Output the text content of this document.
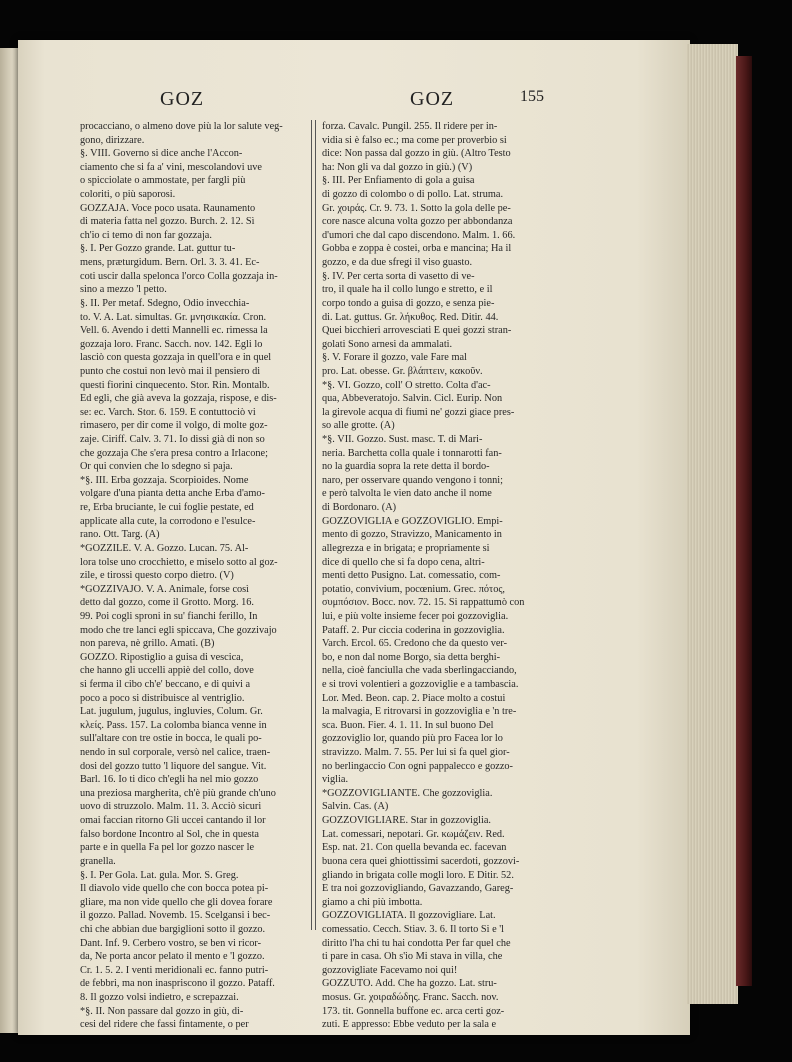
GOZ	GOZ	155
procacciano, o almeno dove più la lor salute veg-
gono, dirizzare.
§. VIII. Governo si dice anche l'Accon-
ciamento che si fa a' vini, mescolandovi uve
o spicciolate o ammostate, per fargli più
coloriti, o più saporosi.
GOZZAJA. Voce poco usata. Raunamento
di materia fatta nel gozzo. Burch. 2. 12. Sì
ch'io ci temo di non far gozzaja.
§. I. Per Gozzo grande. Lat. guttur tu-
mens, præturgidum. Bern. Orl. 3. 3. 41. Ec-
coti uscir dalla spelonca l'orco Colla gozzaja in-
sino a mezzo 'l petto.
§. II. Per metaf. Sdegno, Odio invecchia-
to. V. A. Lat. simultas. Gr. μνησικακία. Cron.
Vell. 6. Avendo i detti Mannelli ec. rimessa la
gozzaja loro. Franc. Sacch. nov. 142. Egli lo
lasciò con questa gozzaja in quell'ora e in quel
punto che costui non levò mai il pensiero di
questi fiorini cinquecento. Stor. Rin. Montalb.
Ed egli, che già aveva la gozzaja, rispose, e dis-
se: ec. Varch. Stor. 6. 159. E contuttociò vi
rimasero, per dir come il volgo, di molte goz-
zaje. Ciriff. Calv. 3. 71. Io dissi già di non so
che gozzaja Che s'era presa contro a Irlacone;
Or qui convien che lo sdegno si paja.
*§. III. Erba gozzaja. Scorpioides. Nome
volgare d'una pianta detta anche Erba d'amo-
re, Erba bruciante, le cui foglie pestate, ed
applicate alla cute, la corrodono e l'esulce-
rano. Ott. Targ. (A)
*GOZZILE. V. A. Gozzo. Lucan. 75. Al-
lora tolse uno crocchietto, e miselo sotto al goz-
zile, e tirossi questo corpo dietro. (V)
*GOZZIVAJO. V. A. Animale, forse così
detto dal gozzo, come il Grotto. Morg. 16.
99. Poi cogli sproni in su' fianchi ferillo, In
modo che tre lanci egli spiccava, Che gozzivajo
non pareva, nè grillo. Amati. (B)
GOZZO. Ripostiglio a guisa di vescica,
che hanno gli uccelli appiè del collo, dove
si ferma il cibo ch'e' beccano, e di quivi a
poco a poco si distribuisce al ventriglio.
Lat. jugulum, jugulus, ingluvies, Colum. Gr.
κλείς. Pass. 157. La colomba bianca venne in
sull'altare con tre ostie in bocca, le quali po-
nendo in sul corporale, versò nel calice, traen-
dosi del gozzo tutto 'l liquore del sangue. Vit.
Barl. 16. Io ti dico ch'egli ha nel mio gozzo
una preziosa margherita, ch'è più grande ch'uno
uovo di struzzolo. Malm. 11. 3. Acciò sicuri
omai faccian ritorno Gli uccei cantando il lor
falso bordone Incontro al Sol, che in questa
parte e in quella Fa pel lor gozzo nascer le
granella.
§. I. Per Gola. Lat. gula. Mor. S. Greg.
Il diavolo vide quello che con bocca potea pi-
gliare, ma non vide quello che gli dovea forare
il gozzo. Pallad. Novemb. 15. Scelgansi i bec-
chi che abbian due bargiglioni sotto il gozzo.
Dant. Inf. 9. Cerbero vostro, se ben vi ricor-
da, Ne porta ancor pelato il mento e 'l gozzo.
Cr. 1. 5. 2. I venti meridionali ec. fanno putri-
de febbri, ma non inaspriscono il gozzo. Pataff.
8. Il gozzo volsi indietro, e screpazzai.
*§. II. Non passare dal gozzo in giù, di-
cesi del ridere che fassi fintamente, o per
forza. Cavalc. Pungil. 255. Il ridere per in-
vidia si è falso ec.; ma come per proverbio si
dice: Non passa dal gozzo in giù. (Altro Testo
ha: Non gli va dal gozzo in giù.) (V)
§. III. Per Enfiamento di gola a guisa
di gozzo di colombo o di pollo. Lat. struma.
Gr. χοιράς. Cr. 9. 73. 1. Sotto la gola delle pe-
core nasce alcuna volta gozzo per abbondanza
d'umori che dal capo discendono. Malm. 1. 66.
Gobba e zoppa è costei, orba e mancina; Ha il
gozzo, e da due sfregi il viso guasto.
§. IV. Per certa sorta di vasetto di ve-
tro, il quale ha il collo lungo e stretto, e il
corpo tondo a guisa di gozzo, e senza pie-
di. Lat. guttus. Gr. λήκυθος. Red. Ditir. 44.
Quei bicchieri arrovesciati E quei gozzi stran-
golati Sono arnesi da ammalati.
§. V. Forare il gozzo, vale Fare mal
pro. Lat. obesse. Gr. βλάπτειν, κακοῦν.
*§. VI. Gozzo, coll' O stretto. Colta d'ac-
qua, Abbeveratojo. Salvin. Cicl. Eurip. Non
la girevole acqua di fiumi ne' gozzi giace pres-
so alle grotte. (A)
*§. VII. Gozzo. Sust. masc. T. di Mari-
neria. Barchetta colla quale i tonnarotti fan-
no la guardia sopra la rete detta il bordo-
naro, per osservare quando vengono i tonni;
e però talvolta le vien dato anche il nome
di Bordonaro. (A)
GOZZOVIGLIA e GOZZOVIGLIO. Empi-
mento di gozzo, Stravizzo, Manicamento in
allegrezza e in brigata; e propriamente si
dice di quello che si fa dopo cena, altri-
menti detto Pusigno. Lat. comessatio, com-
potatio, convivium, pocœnium. Grec. πότος,
συμπόσιον. Bocc. nov. 72. 15. Si rappattumò con
lui, e più volte insieme fecer poi gozzoviglia.
Pataff. 2. Pur ciccia coderina in gozzoviglia.
Varch. Ercol. 65. Credono che da questo ver-
bo, e non dal nome Borgo, sia detta berghi-
nella, cioè fanciulla che vada sberlingacciando,
e si trovi volentieri a gozzoviglie e a tambascia.
Lor. Med. Beon. cap. 2. Piace molto a costui
la malvagia, E ritrovarsi in gozzoviglia e 'n tre-
sca. Buon. Fier. 4. 1. 11. In sul buono Del
gozzoviglio lor, quando più pro Facea lor lo
stravizzo. Malm. 7. 55. Per lui si fa quel gior-
no berlingaccio Con ogni pappalecco e gozzo-
viglia.
*GOZZOVIGLIANTE. Che gozzoviglia.
Salvin. Cas. (A)
GOZZOVIGLIARE. Star in gozzoviglia.
Lat. comessari, nepotari. Gr. κωμάζειν. Red.
Esp. nat. 21. Con quella bevanda ec. facevan
buona cera quei ghiottissimi sacerdoti, gozzovi-
gliando in brigata colle mogli loro. E Ditir. 52.
E tra noi gozzovigliando, Gavazzando, Gareg-
giamo a chi più imbotta.
GOZZOVIGLIATA. Il gozzovigliare. Lat.
comessatio. Cecch. Stiav. 3. 6. Il torto Si e 'l
diritto l'ha chi tu hai condotta Per far quel che
ti pare in casa. Oh s'io Mi stava in villa, che
gozzovigliate Facevamo noi qui!
GOZZUTO. Add. Che ha gozzo. Lat. stru-
mosus. Gr. χοιραδώδης. Franc. Sacch. nov.
173. tit. Gonnella buffone ec. arca certi goz-
zuti. E appresso: Ebbe veduto per la sala e
